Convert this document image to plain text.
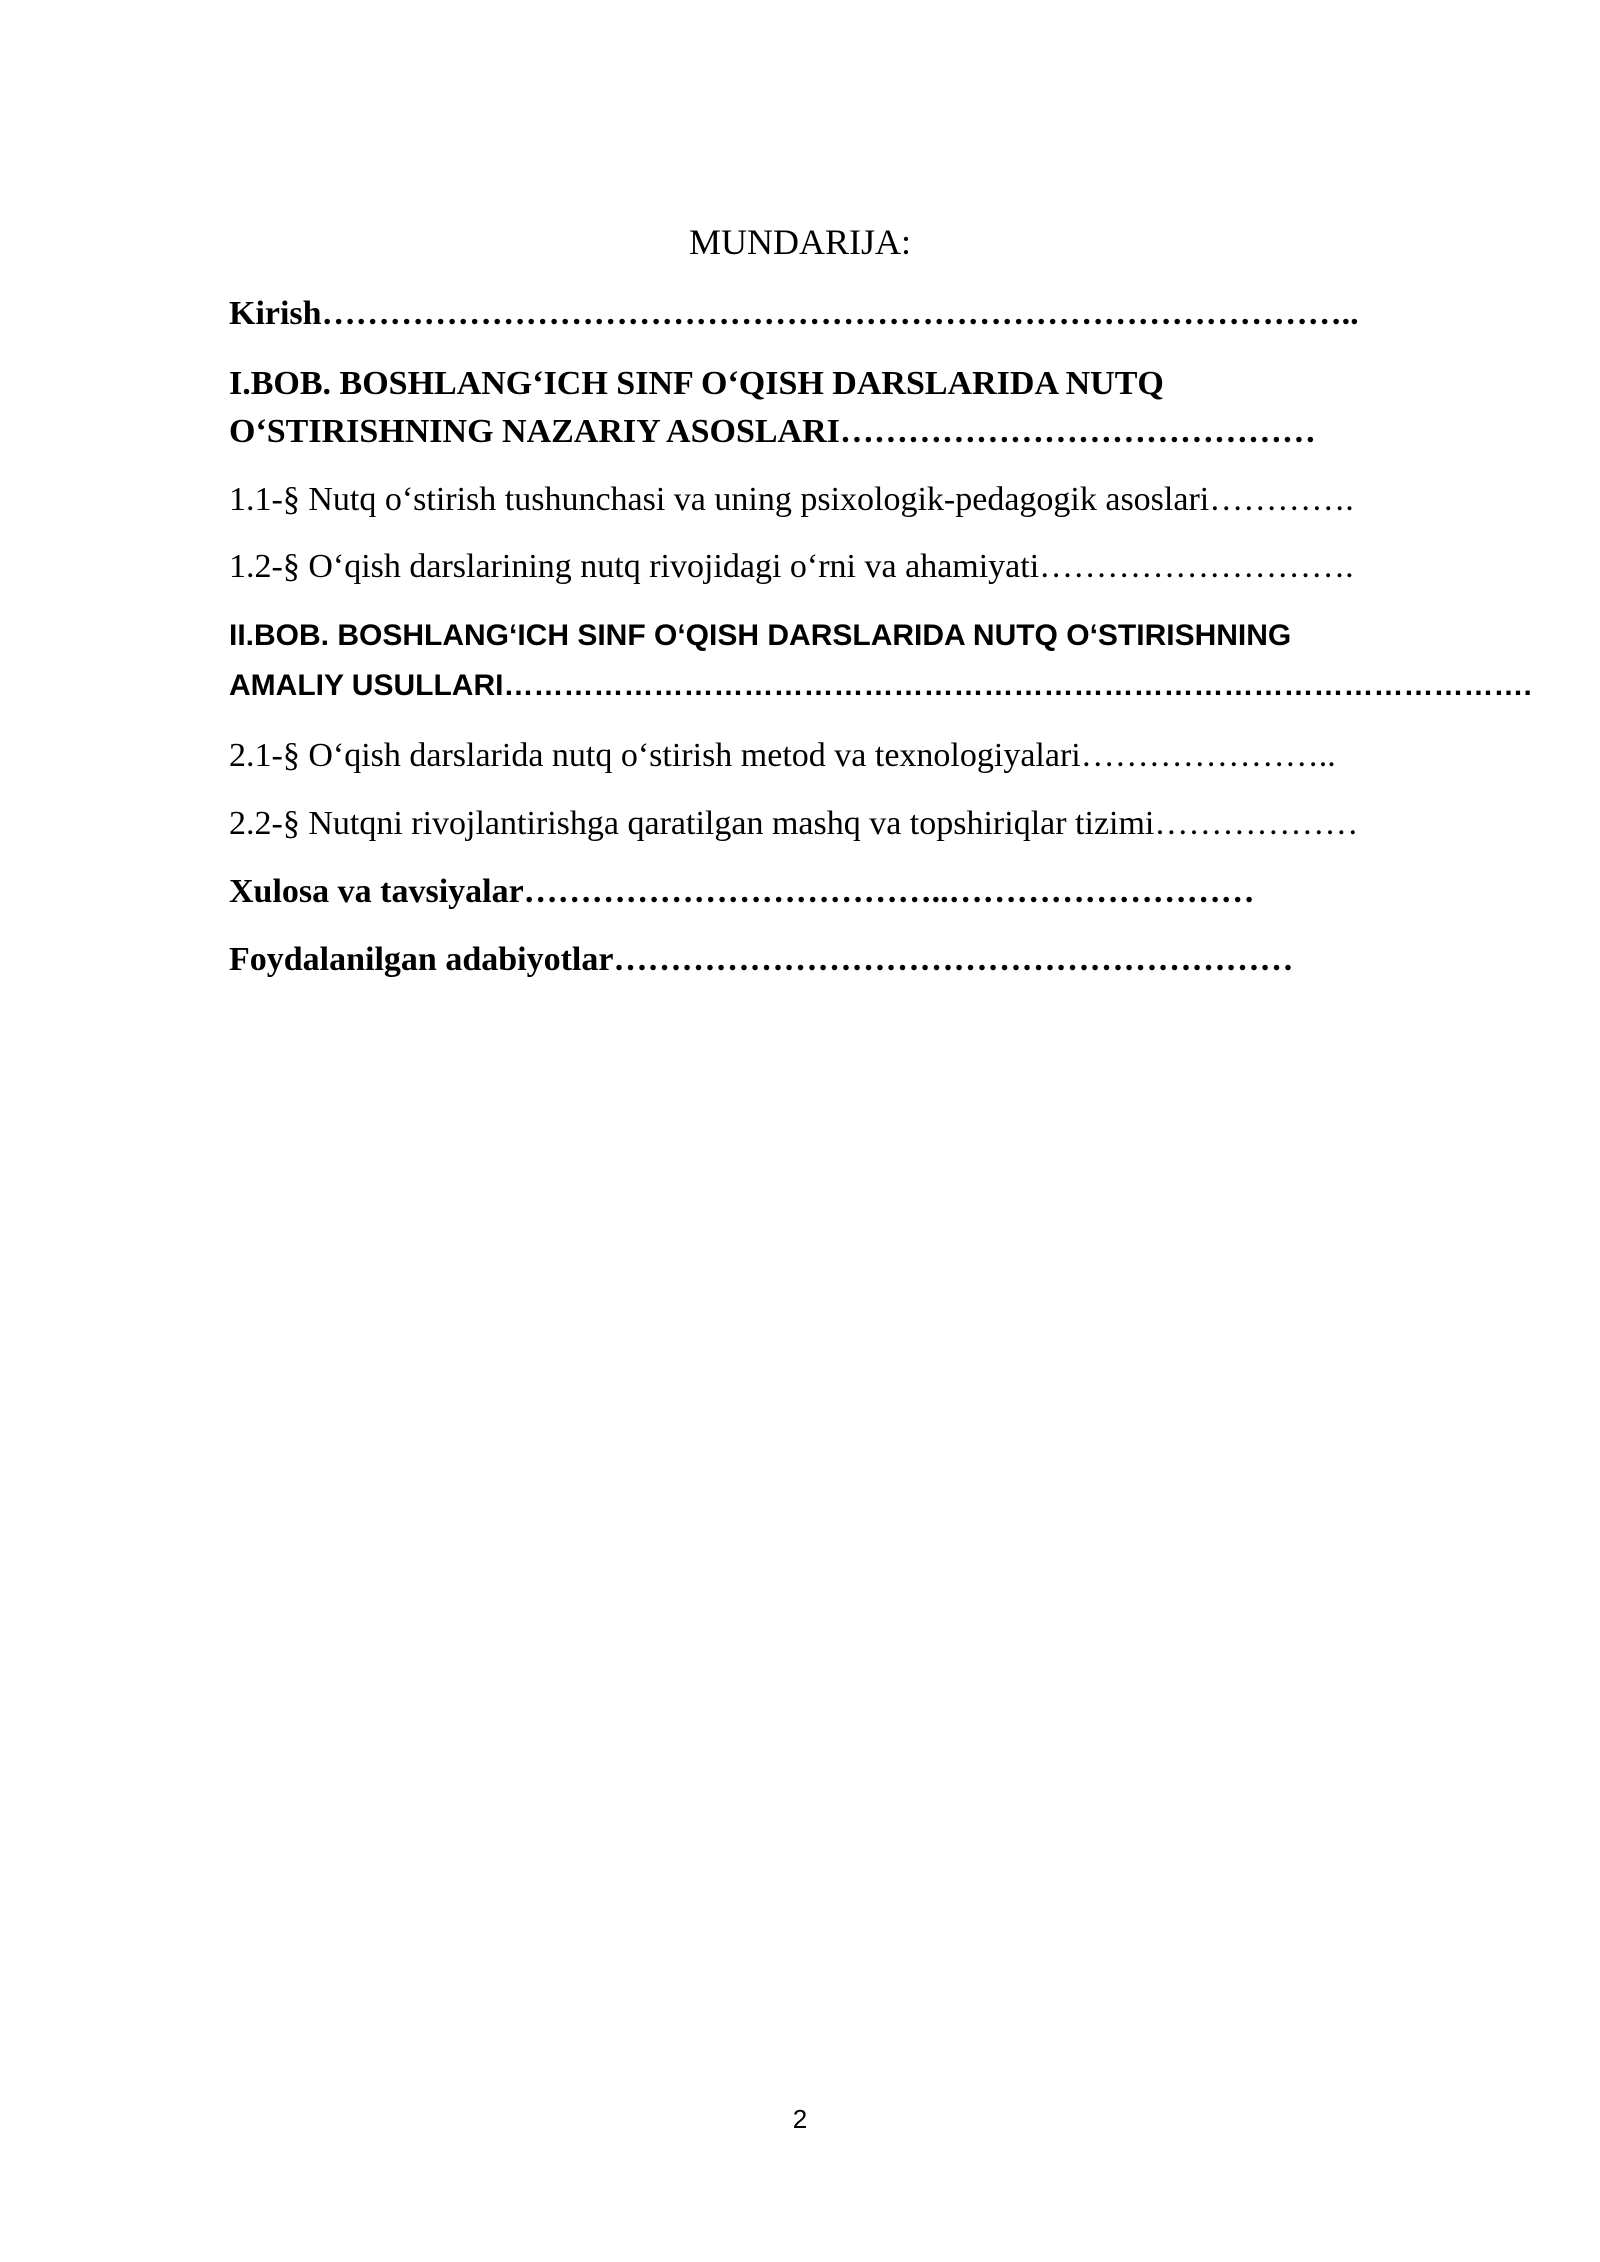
MUNDARIJA:

Kirish………………………………………………………………………………..

I.BOB. BOSHLANG‘ICH SINF O‘QISH DARSLARIDA NUTQ

O‘STIRISHNING NAZARIY ASOSLARI……………………………………

1.1-§ Nutq o‘stirish tushunchasi va uning psixologik-pedagogik asoslari………….

1.2-§ O‘qish darslarining nutq rivojidagi o‘rni va ahamiyati……………………….

II.BOB. BOSHLANG‘ICH SINF O‘QISH DARSLARIDA NUTQ O‘STIRISHNING

AMALIY USULLARI………………………………………………………………………………………….

2.1-§ O‘qish darslarida nutq o‘stirish metod va texnologiyalari…………………..

2.2-§ Nutqni rivojlantirishga qaratilgan mashq va topshiriqlar tizimi………………

Xulosa va tavsiyalar………………………………..………………………

Foydalanilgan adabiyotlar……………………………………………………

2
